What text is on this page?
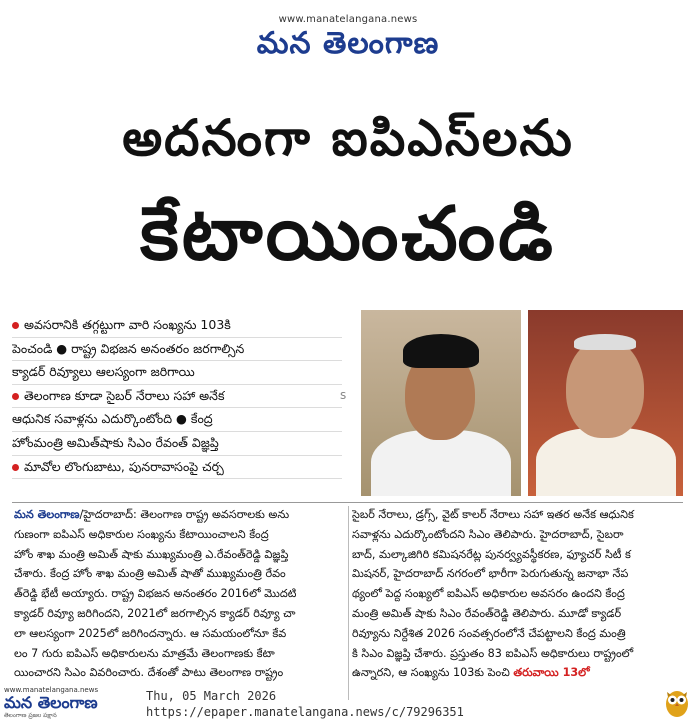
www.manatelangana.news
మన తెలంగాణ
అదనంగా ఐపిఎస్‌లను
కేటాయించండి
అవసరానికి తగ్గట్టుగా వారి సంఖ్యను 103కి
పెంచండి ● రాష్ట్ర విభజన అనంతరం జరగాల్సిన
క్యాడర్ రివ్యూలు ఆలస్యంగా జరిగాయి
తెలంగాణ కూడా సైబర్ నేరాలు సహా అనేక
ఆధునిక సవాళ్లను ఎదుర్కొంటోంది ● కేంద్ర
హోంమంత్రి అమిత్‌షాకు సిఎం రేవంత్ విజ్ఞప్తి
మావోల లొంగుబాటు, పునరావాసంపై చర్చ
s
మన తెలంగాణ/హైదరాబాద్: తెలంగాణ రాష్ట్ర అవసరాలకు అను
గుణంగా ఐపిఎస్ అధికారుల సంఖ్యను కేటాయించాలని కేంద్ర
హోం శాఖ మంత్రి అమిత్ షాకు ముఖ్యమంత్రి ఎ.రేవంత్‌రెడ్డి విజ్ఞప్తి
చేశారు. కేంద్ర హోం శాఖ మంత్రి అమిత్ షాతో ముఖ్యమంత్రి రేవం
త్‌రెడ్డి భేటీ అయ్యారు. రాష్ట్ర విభజన అనంతరం 2016లో మొదటి
క్యాడర్ రివ్యూ జరిగిందని, 2021లో జరగాల్సిన క్యాడర్ రివ్యూ చా
లా ఆలస్యంగా 2025లో జరిగిందన్నారు. ఆ సమయంలోనూ కేవ
లం 7 గురు ఐపిఎస్ అధికారులను మాత్రమే తెలంగాణకు కేటా
యించారని సిఎం వివరించారు. దేశంతో పాటు తెలంగాణ రాష్ట్రం
సైబర్ నేరాలు, డ్రగ్స్, వైట్ కాలర్ నేరాలు సహా ఇతర అనేక ఆధునిక
సవాళ్లను ఎదుర్కొంటోందని సిఎం తెలిపారు. హైదరాబాద్, సైబరా
బాద్, మల్కాజిగిరి కమిషనరేట్ల పునర్వ్యవస్థీకరణ, ఫ్యూచర్ సిటీ క
మిషనర్, హైదరాబాద్ నగరంలో భారీగా పెరుగుతున్న జనాభా నేప
థ్యంలో పెద్ద సంఖ్యలో ఐపిఎస్ అధికారుల అవసరం ఉందని కేంద్ర
మంత్రి అమిత్ షాకు సిఎం రేవంత్‌రెడ్డి తెలిపారు. మూడో క్యాడర్
రివ్యూను నిర్దేశిత 2026 సంవత్సరంలోనే చేపట్టాలని కేంద్ర మంత్రి
కి సిఎం విజ్ఞప్తి చేశారు. ప్రస్తుతం 83 ఐపిఎస్ అధికారులు రాష్ట్రంలో
ఉన్నారని, ఆ సంఖ్యను 103కు పెంచి తరువాయి 13లో
www.manatelangana.news
మన తెలంగాణ
తెలంగాణ ప్రజల పక్షాన
Thu, 05 March 2026
https://epaper.manatelangana.news/c/79296351
